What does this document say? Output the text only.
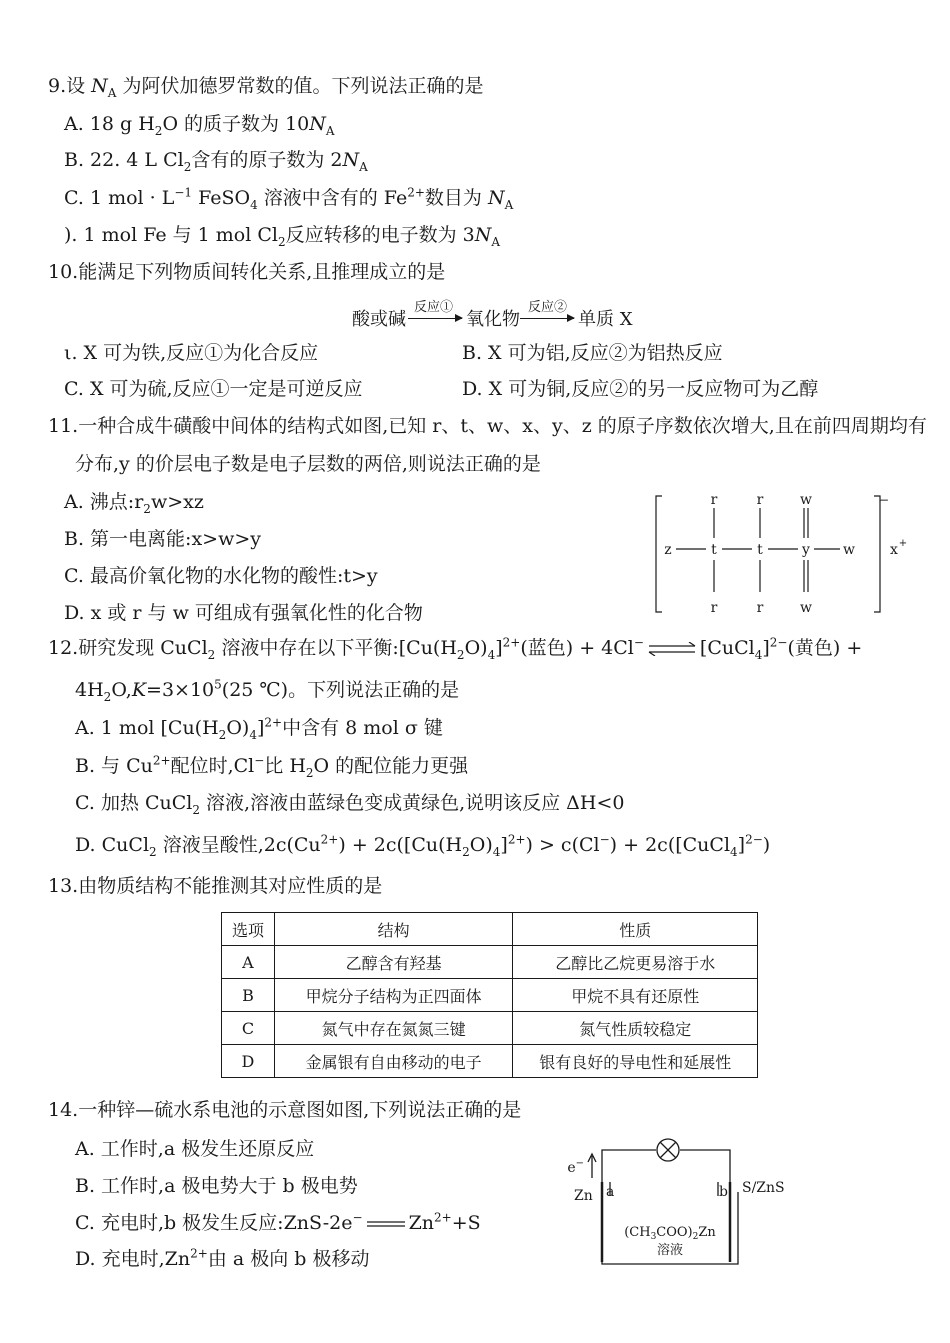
9.设 $N_A$ 为阿伏加德罗常数的值。下列说法正确的是
A. 18 g $H_2O$ 的质子数为 $10N_A$
B. 22. 4 L $Cl_2$含有的原子数为 $2N_A$
C. 1 mol · $L^{-1}$ FeSO$_4$ 溶液中含有的 $Fe^{2+}$数目为 $N_A$
). 1 mol Fe 与 1 mol $Cl_2$反应转移的电子数为 $3N_A$
10.能满足下列物质间转化关系,且推理成立的是
酸或碱
反应①
→ 氧化物
反应②
→ 单质 X
ι. X 可为铁,反应①为化合反应	B. X 可为铝,反应②为铝热反应
C. X 可为硫,反应①一定是可逆反应	D. X 可为铜,反应②的另一反应物可为乙醇
11.一种合成牛磺酸中间体的结构式如图,已知 r、t、w、x、y、z 的原子序数依次增大,且在前四周期均有
分布,y 的价层电子数是电子层数的两倍,则说法正确的是
A. 沸点$:r_2w>xz$
B. 第一电离能:x>w>y
C. 最高价氧化物的水化物的酸性:t>y
D. x 或 r 与 w 可组成有强氧化性的化合物
z	t	t	y w
r	r	w
r	r	w
−
x +
12.研究发现 CuCl$_2$ 溶液中存在以下平衡$:[Cu(H_2O)_4]^{2+}$(蓝色) + 4Cl− ⇌ [CuCl$_4$]$^{2-}$(黄色) +
$4H_2O,K=3\times 10^5(25$ ℃)。下列说法正确的是
A. 1 mol $[Cu(H_2O)_4]^{2+}$中含有 8 mol σ 键
B. 与 $Cu^{2+}$配位时,Cl−比 $H_2O$ 的配位能力更强
C. 加热 CuCl$_2$ 溶液,溶液由蓝绿色变成黄绿色,说明该反应 ΔH<0
D. CuCl$_2$ 溶液呈酸性$,2c(Cu^{2+}) + 2c([Cu(H_2O)_4]^{2+}) > c(Cl^-)$ + 2c([CuCl$_4$]$^{2-}$)
13.由物质结构不能推测其对应性质的是
选项	结构	性质
A	乙醇含有羟基	乙醇比乙烷更易溶于水
B	甲烷分子结构为正四面体	甲烷不具有还原性
C	氮气中存在氮氮三键	氮气性质较稳定
D	金属银有自由移动的电子	银有良好的导电性和延展性
14.一种锌—硫水系电池的示意图如图,下列说法正确的是
A. 工作时,a 极发生还原反应
B. 工作时,a 极电势大于 b 极电势
C. 充电时,b 极发生反应:ZnS-2e− $Zn^{2+}+S$
D. 充电时$,Zn^{2+}$由 a 极向 b 极移动
e−
Zn a	b S/ZnS
$(CH_3COO)_2Zn$
溶液
